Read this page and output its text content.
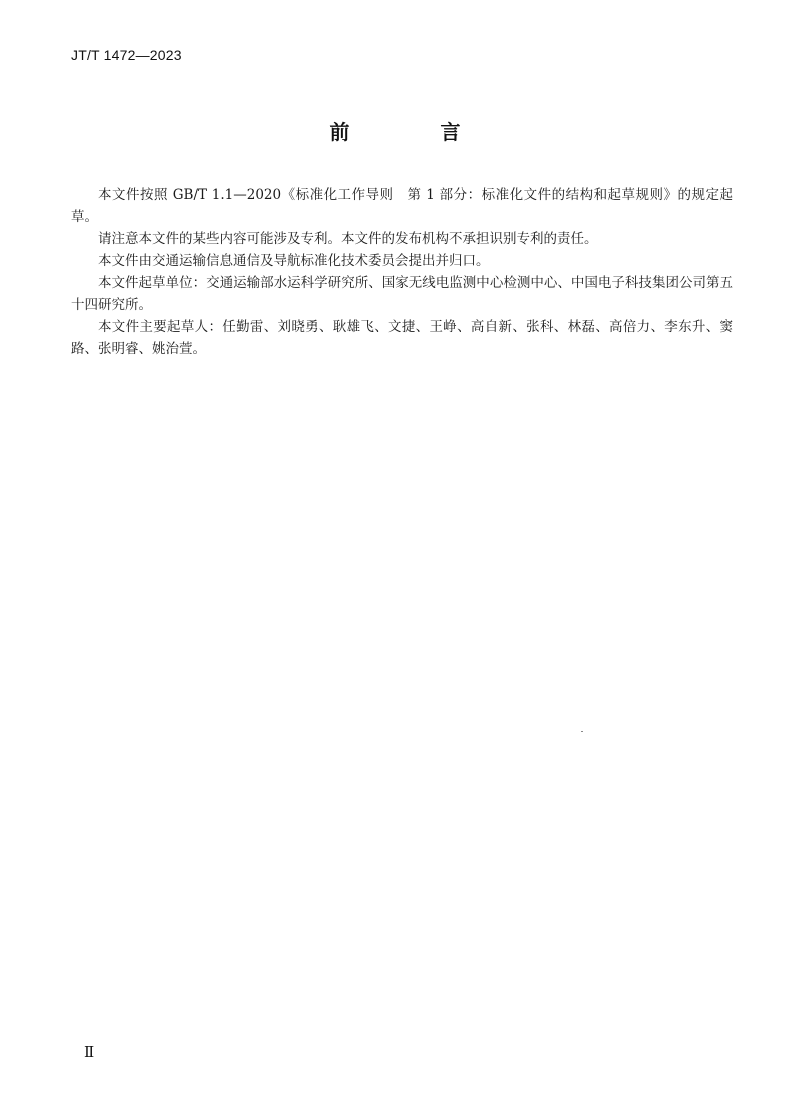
JT/T 1472—2023
前 言

本文件按照 GB/T 1.1—2020《标准化工作导则　第 1 部分：标准化文件的结构和起草规则》的规定起草。

请注意本文件的某些内容可能涉及专利。本文件的发布机构不承担识别专利的责任。

本文件由交通运输信息通信及导航标准化技术委员会提出并归口。

本文件起草单位：交通运输部水运科学研究所、国家无线电监测中心检测中心、中国电子科技集团公司第五十四研究所。

本文件主要起草人：任勤雷、刘晓勇、耿雄飞、文捷、王峥、高自新、张科、林磊、高倍力、李东升、窦路、张明睿、姚治萱。

Ⅱ
